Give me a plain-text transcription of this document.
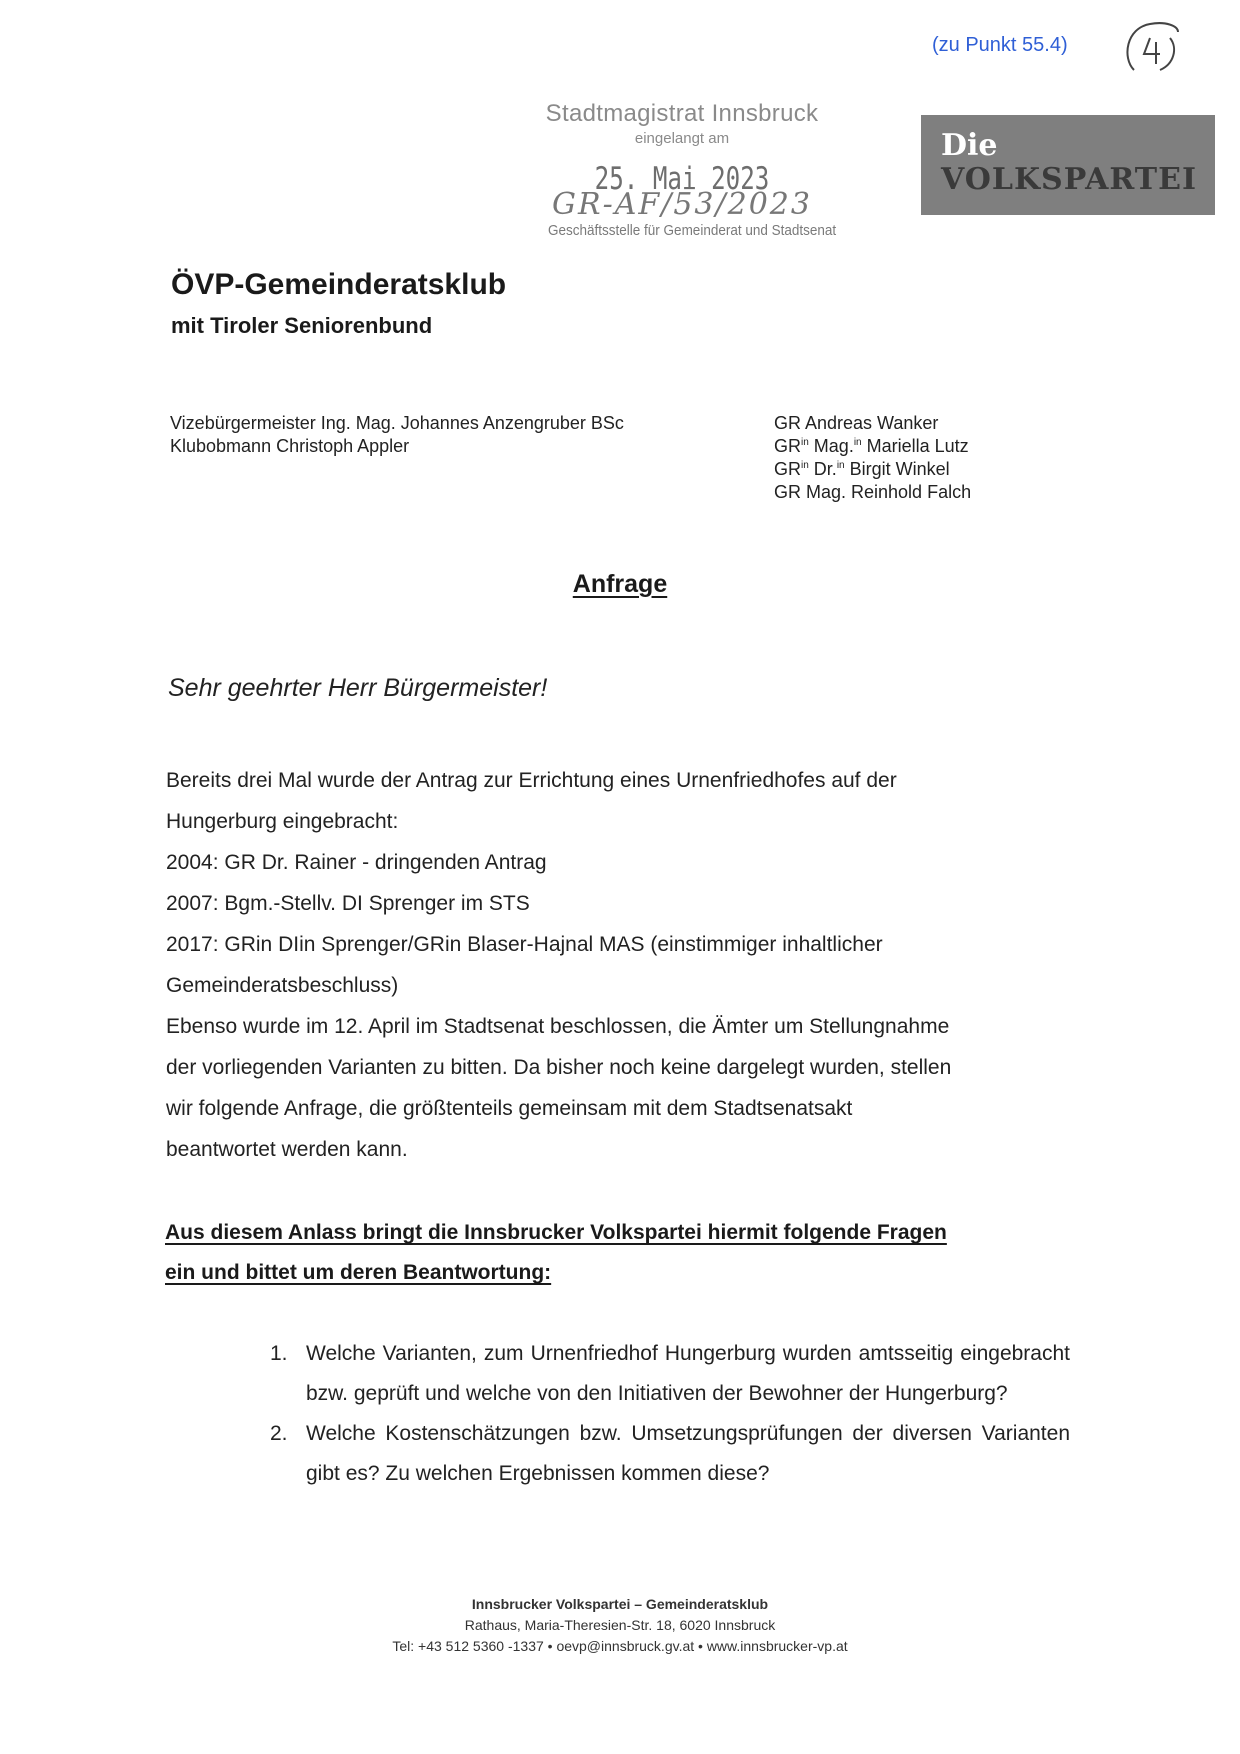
(zu Punkt 55.4)
Stadtmagistrat Innsbruck
eingelangt am
25. Mai 2023
GR-AF/53/2023
Geschäftsstelle für Gemeinderat und Stadtsenat
Die
VOLKSPARTEI
ÖVP-Gemeinderatsklub
mit Tiroler Seniorenbund
Vizebürgermeister Ing. Mag. Johannes Anzengruber BSc
Klubobmann Christoph Appler
GR Andreas Wanker
$GR^{in}$ Mag.$^{in}$ Mariella Lutz
$GR^{in}$ Dr.$^{in}$ Birgit Winkel
GR Mag. Reinhold Falch
Anfrage
Sehr geehrter Herr Bürgermeister!
Bereits drei Mal wurde der Antrag zur Errichtung eines Urnenfriedhofes auf der
Hungerburg eingebracht:
2004: GR Dr. Rainer - dringenden Antrag
2007: Bgm.-Stellv. DI Sprenger im STS
2017: GRin DIin Sprenger/GRin Blaser-Hajnal MAS (einstimmiger inhaltlicher
Gemeinderatsbeschluss)
Ebenso wurde im 12. April im Stadtsenat beschlossen, die Ämter um Stellungnahme
der vorliegenden Varianten zu bitten. Da bisher noch keine dargelegt wurden, stellen
wir folgende Anfrage, die größtenteils gemeinsam mit dem Stadtsenatsakt
beantwortet werden kann.
Aus diesem Anlass bringt die Innsbrucker Volkspartei hiermit folgende Fragen
ein und bittet um deren Beantwortung:
1. Welche Varianten, zum Urnenfriedhof Hungerburg wurden amtsseitig eingebracht bzw. geprüft und welche von den Initiativen der Bewohner der Hungerburg?
2. Welche Kostenschätzungen bzw. Umsetzungsprüfungen der diversen Varianten gibt es? Zu welchen Ergebnissen kommen diese?
Innsbrucker Volkspartei – Gemeinderatsklub
Rathaus, Maria-Theresien-Str. 18, 6020 Innsbruck
Tel: +43 512 5360 -1337 • oevp@innsbruck.gv.at • www.innsbrucker-vp.at
